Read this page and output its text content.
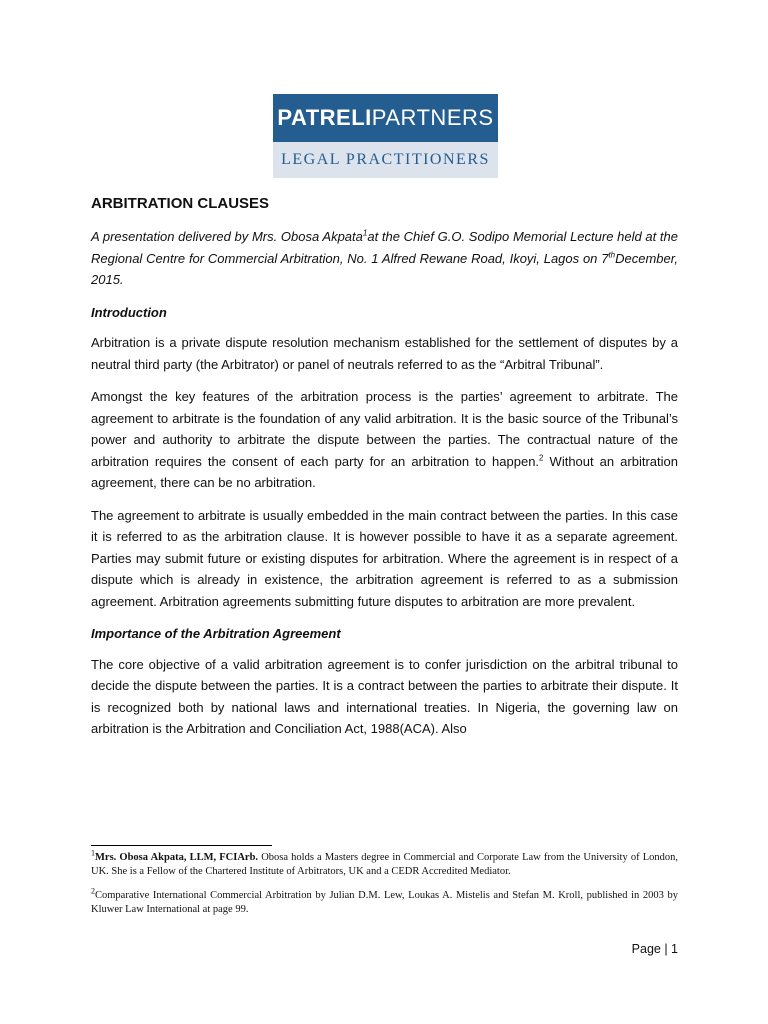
PATRELI PARTNERS
LEGAL PRACTITIONERS
ARBITRATION CLAUSES

A presentation delivered by Mrs. Obosa Akpata$^1$at the Chief G.O. Sodipo Memorial Lecture held at the Regional Centre for Commercial Arbitration, No. 1 Alfred Rewane Road, Ikoyi, Lagos on 7thDecember, 2015.

Introduction

Arbitration is a private dispute resolution mechanism established for the settlement of disputes by a neutral third party (the Arbitrator) or panel of neutrals referred to as the “Arbitral Tribunal”.

Amongst the key features of the arbitration process is the parties’ agreement to arbitrate. The agreement to arbitrate is the foundation of any valid arbitration. It is the basic source of the Tribunal’s power and authority to arbitrate the dispute between the parties. The contractual nature of the arbitration requires the consent of each party for an arbitration to happen.$^2$ Without an arbitration agreement, there can be no arbitration.

The agreement to arbitrate is usually embedded in the main contract between the parties. In this case it is referred to as the arbitration clause. It is however possible to have it as a separate agreement. Parties may submit future or existing disputes for arbitration. Where the agreement is in respect of a dispute which is already in existence, the arbitration agreement is referred to as a submission agreement. Arbitration agreements submitting future disputes to arbitration are more prevalent.

Importance of the Arbitration Agreement

The core objective of a valid arbitration agreement is to confer jurisdiction on the arbitral tribunal to decide the dispute between the parties. It is a contract between the parties to arbitrate their dispute. It is recognized both by national laws and international treaties. In Nigeria, the governing law on arbitration is the Arbitration and Conciliation Act, 1988(ACA). Also

$^1$Mrs. Obosa Akpata, LLM, FCIArb. Obosa holds a Masters degree in Commercial and Corporate Law from the University of London, UK. She is a Fellow of the Chartered Institute of Arbitrators, UK and a CEDR Accredited Mediator.

$^2$Comparative International Commercial Arbitration by Julian D.M. Lew, Loukas A. Mistelis and Stefan M. Kroll, published in 2003 by Kluwer Law International at page 99.

Page | 1
